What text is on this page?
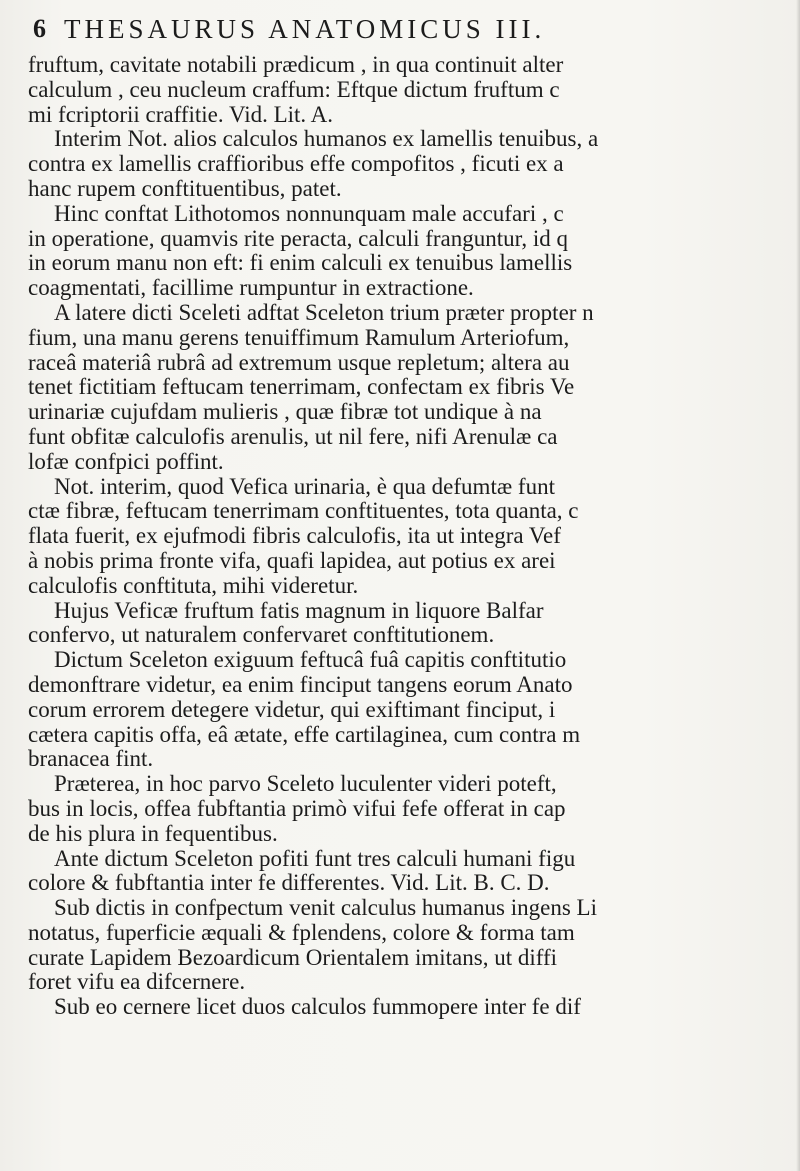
6 THESAURUS ANATOMICUS III.
fruftum, cavitate notabili prædicum , in qua continuit alter
calculum , ceu nucleum craffum: Eftque dictum fruftum c
mi fcriptorii craffitie. Vid. Lit. A.
Interim Not. alios calculos humanos ex lamellis tenuibus, a
contra ex lamellis craffioribus effe compofitos , ficuti ex a
hanc rupem conftituentibus, patet.
Hinc conftat Lithotomos nonnunquam male accufari , c
in operatione, quamvis rite peracta, calculi franguntur, id q
in eorum manu non eft: fi enim calculi ex tenuibus lamellis
coagmentati, facillime rumpuntur in extractione.
A latere dicti Sceleti adftat Sceleton trium præter propter n
fium, una manu gerens tenuiffimum Ramulum Arteriofum,
raceâ materiâ rubrâ ad extremum usque repletum; altera au
tenet fictitiam feftucam tenerrimam, confectam ex fibris Ve
urinariæ cujufdam mulieris , quæ fibræ tot undique à na
funt obfitæ calculofis arenulis, ut nil fere, nifi Arenulæ ca
lofæ confpici poffint.
Not. interim, quod Vefica urinaria, è qua defumtæ funt
ctæ fibræ, feftucam tenerrimam conftituentes, tota quanta, c
flata fuerit, ex ejufmodi fibris calculofis, ita ut integra Vef
à nobis prima fronte vifa, quafi lapidea, aut potius ex arei
calculofis conftituta, mihi videretur.
Hujus Veficæ fruftum fatis magnum in liquore Balfar
confervo, ut naturalem confervaret conftitutionem.
Dictum Sceleton exiguum feftucâ fuâ capitis conftitutio
demonftrare videtur, ea enim finciput tangens eorum Anato
corum errorem detegere videtur, qui exiftimant finciput, i
cætera capitis offa, eâ ætate, effe cartilaginea, cum contra m
branacea fint.
Præterea, in hoc parvo Sceleto luculenter videri poteft,
bus in locis, offea fubftantia primò vifui fefe offerat in cap
de his plura in fequentibus.
Ante dictum Sceleton pofiti funt tres calculi humani figu
colore & fubftantia inter fe differentes. Vid. Lit. B. C. D.
Sub dictis in confpectum venit calculus humanus ingens Li
notatus, fuperficie æquali & fplendens, colore & forma tam
curate Lapidem Bezoardicum Orientalem imitans, ut diffi
foret vifu ea difcernere.
Sub eo cernere licet duos calculos fummopere inter fe dif
